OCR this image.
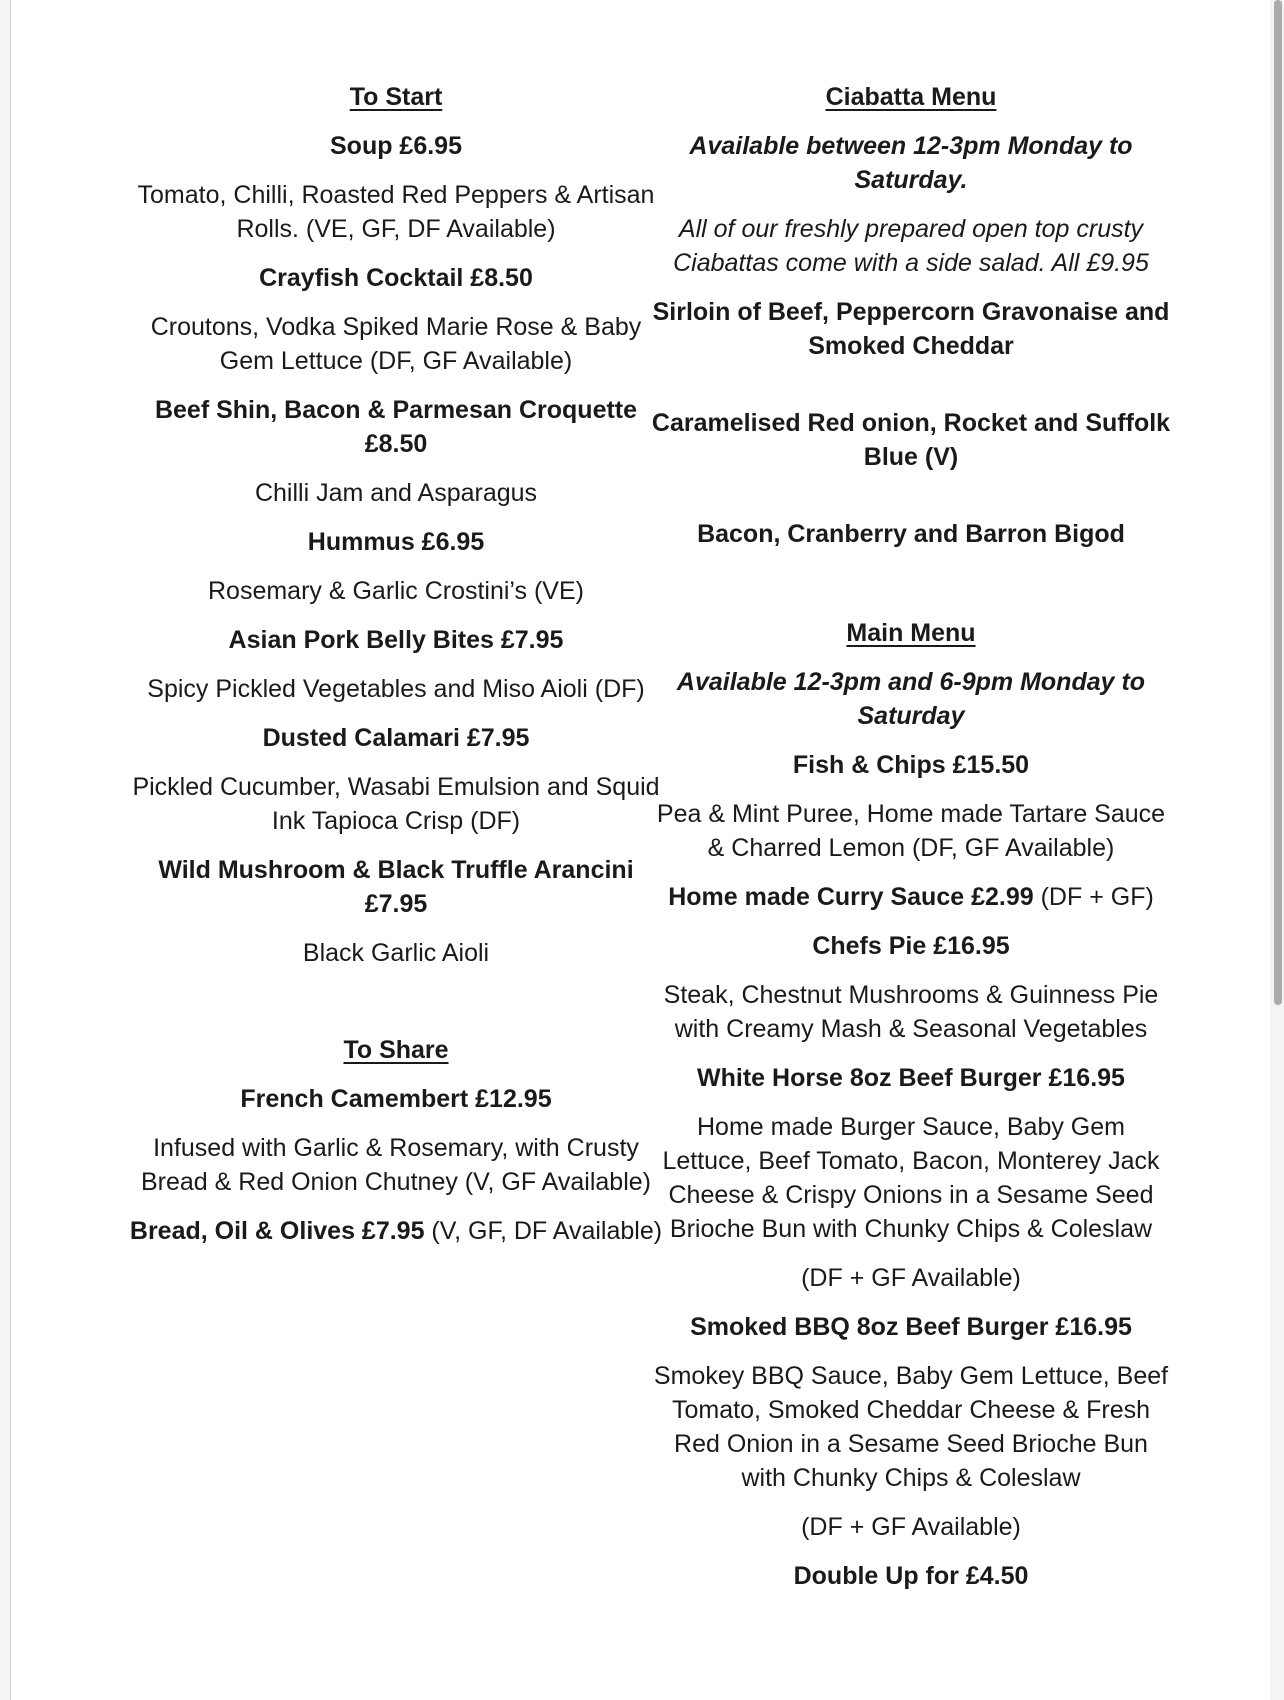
To Start
Soup £6.95
Tomato, Chilli, Roasted Red Peppers & Artisan Rolls. (VE, GF, DF Available)
Crayfish Cocktail £8.50
Croutons, Vodka Spiked Marie Rose & Baby Gem Lettuce (DF, GF Available)
Beef Shin, Bacon & Parmesan Croquette £8.50
Chilli Jam and Asparagus
Hummus £6.95
Rosemary & Garlic Crostini’s (VE)
Asian Pork Belly Bites £7.95
Spicy Pickled Vegetables and Miso Aioli (DF)
Dusted Calamari £7.95
Pickled Cucumber, Wasabi Emulsion and Squid Ink Tapioca Crisp (DF)
Wild Mushroom & Black Truffle Arancini £7.95
Black Garlic Aioli
To Share
French Camembert £12.95
Infused with Garlic & Rosemary, with Crusty Bread & Red Onion Chutney (V, GF Available)
Bread, Oil & Olives £7.95 (V, GF, DF Available)
Ciabatta Menu
Available between 12-3pm Monday to Saturday.
All of our freshly prepared open top crusty Ciabattas come with a side salad. All £9.95
Sirloin of Beef, Peppercorn Gravonaise and Smoked Cheddar
Caramelised Red onion, Rocket and Suffolk Blue (V)
Bacon, Cranberry and Barron Bigod
Main Menu
Available 12-3pm and 6-9pm Monday to Saturday
Fish & Chips £15.50
Pea & Mint Puree, Home made Tartare Sauce & Charred Lemon (DF, GF Available)
Home made Curry Sauce £2.99 (DF + GF)
Chefs Pie £16.95
Steak, Chestnut Mushrooms & Guinness Pie with Creamy Mash & Seasonal Vegetables
White Horse 8oz Beef Burger £16.95
Home made Burger Sauce, Baby Gem Lettuce, Beef Tomato, Bacon, Monterey Jack Cheese & Crispy Onions in a Sesame Seed Brioche Bun with Chunky Chips & Coleslaw
(DF + GF Available)
Smoked BBQ 8oz Beef Burger £16.95
Smokey BBQ Sauce, Baby Gem Lettuce, Beef Tomato, Smoked Cheddar Cheese & Fresh Red Onion in a Sesame Seed Brioche Bun with Chunky Chips & Coleslaw
(DF + GF Available)
Double Up for £4.50
